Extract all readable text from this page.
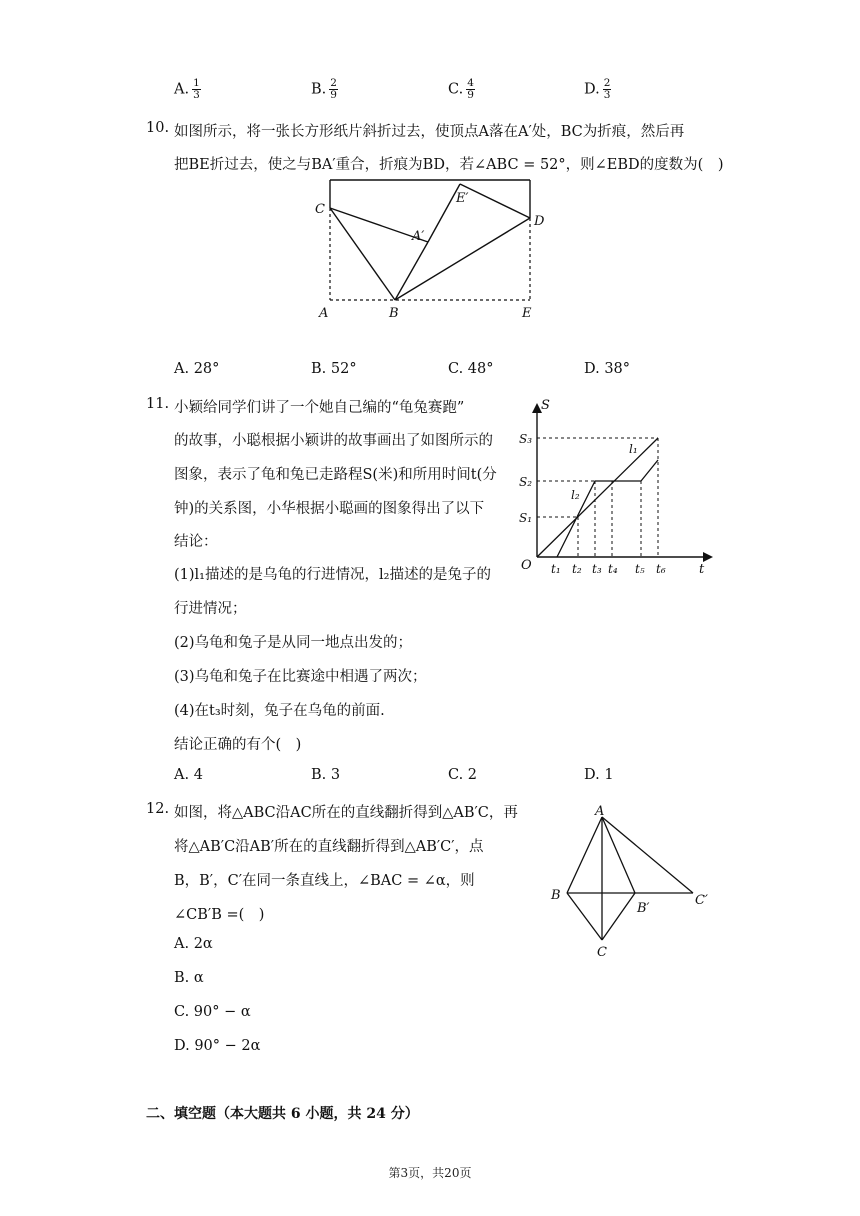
A. $\frac{1}{3}$	B. $\frac{2}{9}$	C. $\frac{4}{9}$	D. $\frac{2}{3}$
10. 如图所示，将一张长方形纸片斜折过去，使顶点A落在A′处，BC为折痕，然后再
把BE折过去，使之与BA′重合，折痕为BD，若∠ABC = 52°，则∠EBD的度数为(　)
C
A′
E′
D
A	B	E
A. 28°	B. 52°	C. 48°	D. 38°
11. 小颖给同学们讲了一个她自己编的“龟兔赛跑”
的故事，小聪根据小颖讲的故事画出了如图所示的
图象，表示了龟和兔已走路程S(米)和所用时间t(分
钟)的关系图，小华根据小聪画的图象得出了以下
结论：
(1)l₁描述的是乌龟的行进情况，l₂描述的是兔子的
行进情况；
(2)乌龟和兔子是从同一地点出发的；
(3)乌龟和兔子在比赛途中相遇了两次；
(4)在t₃时刻，兔子在乌龟的前面.
结论正确的有个(　)
S
t
O
S₃
S₂
S₁
l₁
l₂
t₁ t₂ t₃ t₄ t₅ t₆
A. 4	B. 3	C. 2	D. 1
12. 如图，将△ABC沿AC所在的直线翻折得到△AB′C，再
将△AB′C沿AB′所在的直线翻折得到△AB′C′，点
B，B′，C′在同一条直线上，∠BAC = ∠α，则
∠CB′B =(　)
A
B
B′
C′
C
A. 2α
B. α
C. 90° − α
D. 90° − 2α
二、填空题（本大题共 6 小题，共 24 分）
第3页，共20页
